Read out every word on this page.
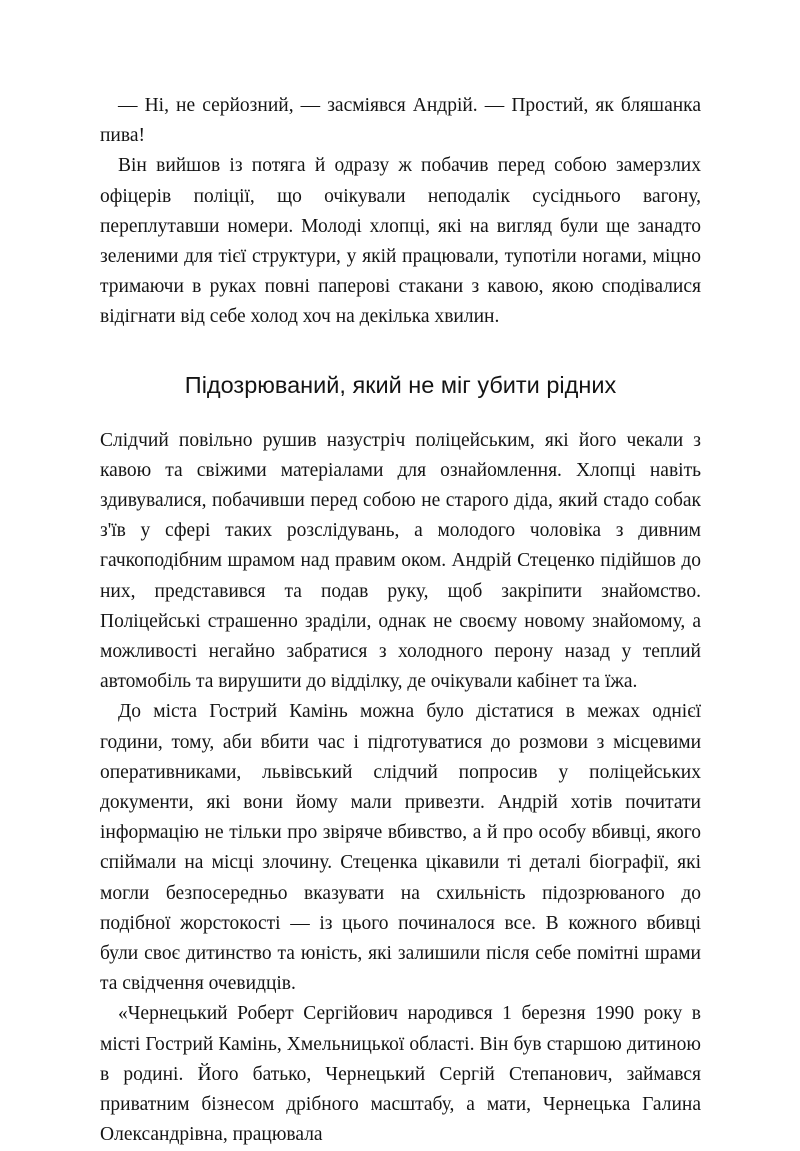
— Ні, не серйозний, — засміявся Андрій. — Простий, як бляшанка пива!

Він вийшов із потяга й одразу ж побачив перед собою замерзлих офіцерів поліції, що очікували неподалік сусіднього вагону, переплутавши номери. Молоді хлопці, які на вигляд були ще занадто зеленими для тієї структури, у якій працювали, тупотіли ногами, міцно тримаючи в руках повні паперові стакани з кавою, якою сподівалися відігнати від себе холод хоч на декілька хвилин.

Підозрюваний, який не міг убити рідних

Слідчий повільно рушив назустріч поліцейським, які його чекали з кавою та свіжими матеріалами для ознайомлення. Хлопці навіть здивувалися, побачивши перед собою не старого діда, який стадо собак з'їв у сфері таких розслідувань, а молодого чоловіка з дивним гачкоподібним шрамом над правим оком. Андрій Стеценко підійшов до них, представився та подав руку, щоб закріпити знайомство. Поліцейські страшенно зраділи, однак не своєму новому знайомому, а можливості негайно забратися з холодного перону назад у теплий автомобіль та вирушити до відділку, де очікували кабінет та їжа.

До міста Гострий Камінь можна було дістатися в межах однієї години, тому, аби вбити час і підготуватися до розмови з місцевими оперативниками, львівський слідчий попросив у поліцейських документи, які вони йому мали привезти. Андрій хотів почитати інформацію не тільки про звіряче вбивство, а й про особу вбивці, якого спіймали на місці злочину. Стеценка цікавили ті деталі біографії, які могли безпосередньо вказувати на схильність підозрюваного до подібної жорстокості — із цього починалося все. В кожного вбивці були своє дитинство та юність, які залишили після себе помітні шрами та свідчення очевидців.

«Чернецький Роберт Сергійович народився 1 березня 1990 року в місті Гострий Камінь, Хмельницької області. Він був старшою дитиною в родині. Його батько, Чернецький Сергій Степанович, займався приватним бізнесом дрібного масштабу, а мати, Чернецька Галина Олександрівна, працювала
